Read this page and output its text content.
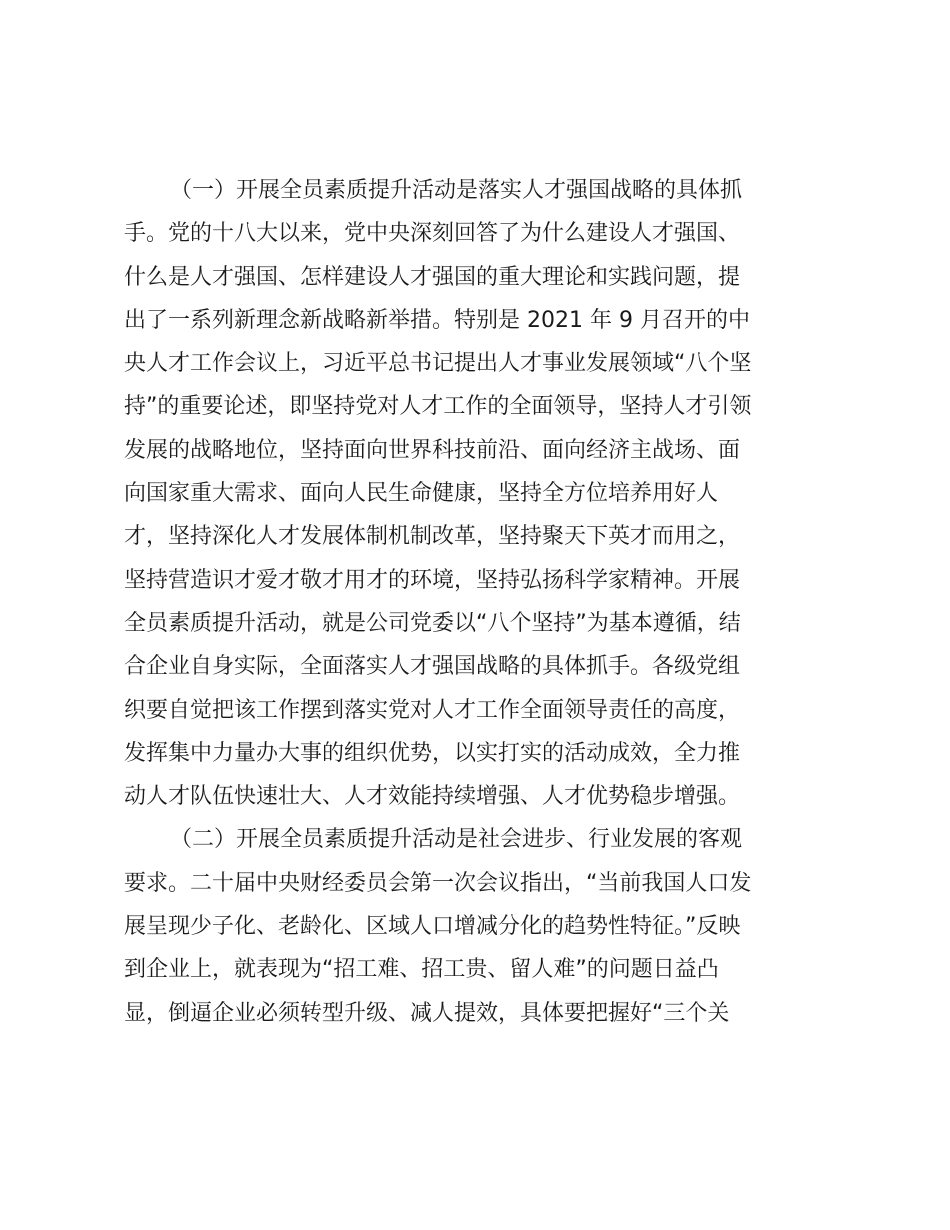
（一）开展全员素质提升活动是落实人才强国战略的具体抓
手。党的十八大以来，党中央深刻回答了为什么建设人才强国、
什么是人才强国、怎样建设人才强国的重大理论和实践问题，提
出了一系列新理念新战略新举措。特别是 2021 年 9 月召开的中
央人才工作会议上，习近平总书记提出人才事业发展领域“八个坚
持”的重要论述，即坚持党对人才工作的全面领导，坚持人才引领
发展的战略地位，坚持面向世界科技前沿、面向经济主战场、面
向国家重大需求、面向人民生命健康，坚持全方位培养用好人
才，坚持深化人才发展体制机制改革，坚持聚天下英才而用之，
坚持营造识才爱才敬才用才的环境，坚持弘扬科学家精神。开展
全员素质提升活动，就是公司党委以“八个坚持”为基本遵循，结
合企业自身实际，全面落实人才强国战略的具体抓手。各级党组
织要自觉把该工作摆到落实党对人才工作全面领导责任的高度，
发挥集中力量办大事的组织优势，以实打实的活动成效，全力推
动人才队伍快速壮大、人才效能持续增强、人才优势稳步增强。
（二）开展全员素质提升活动是社会进步、行业发展的客观
要求。二十届中央财经委员会第一次会议指出，“当前我国人口发
展呈现少子化、老龄化、区域人口增减分化的趋势性特征。”反映
到企业上，就表现为“招工难、招工贵、留人难”的问题日益凸
显，倒逼企业必须转型升级、减人提效，具体要把握好“三个关
